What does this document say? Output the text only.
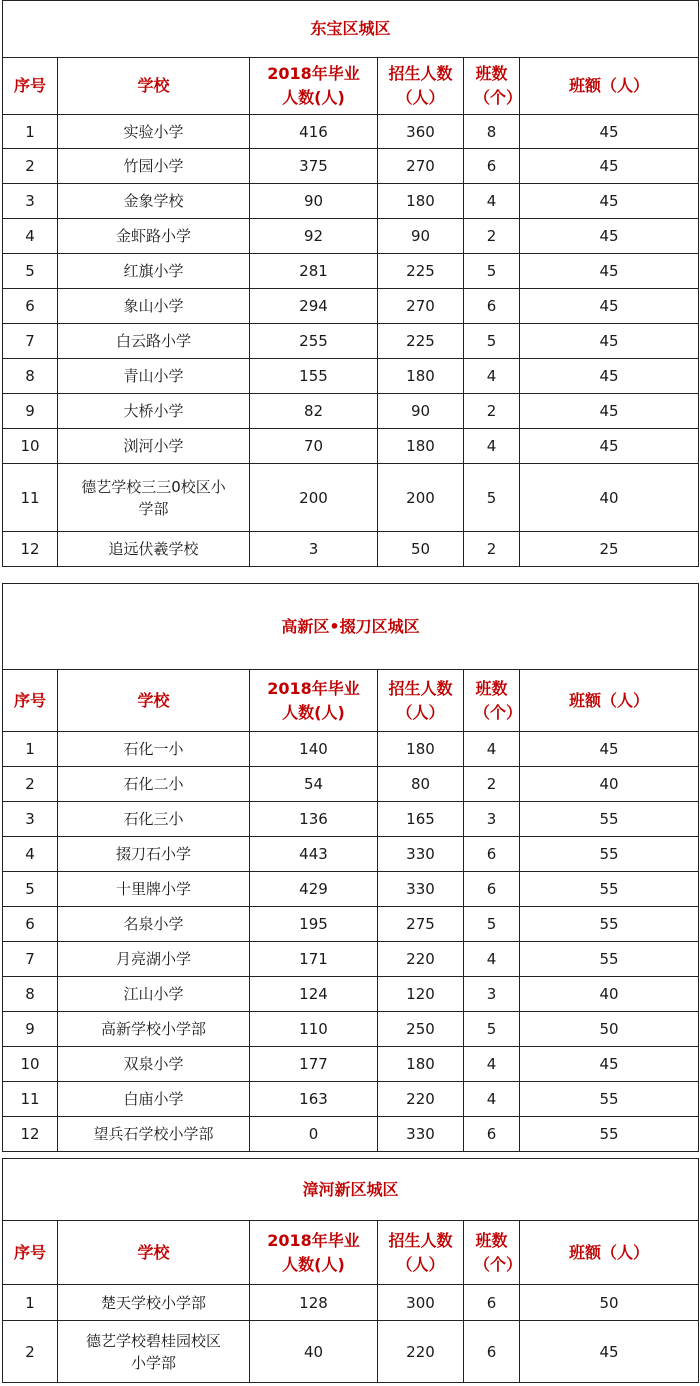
东宝区城区					
序号	学校	2018年毕业人数(人)	招生人数（人）	班数（个）	班额（人）
1	实验小学	416	360	8	45
2	竹园小学	375	270	6	45
3	金象学校	90	180	4	45
4	金虾路小学	92	90	2	45
5	红旗小学	281	225	5	45
6	象山小学	294	270	6	45
7	白云路小学	255	225	5	45
8	青山小学	155	180	4	45
9	大桥小学	82	90	2	45
10	浏河小学	70	180	4	45
11	德艺学校三三0校区小学部	200	200	5	40
12	追远伏羲学校	3	50	2	25
高新区•掇刀区城区					
序号	学校	2018年毕业人数(人)	招生人数（人）	班数（个）	班额（人）
1	石化一小	140	180	4	45
2	石化二小	54	80	2	40
3	石化三小	136	165	3	55
4	掇刀石小学	443	330	6	55
5	十里牌小学	429	330	6	55
6	名泉小学	195	275	5	55
7	月亮湖小学	171	220	4	55
8	江山小学	124	120	3	40
9	高新学校小学部	110	250	5	50
10	双泉小学	177	180	4	45
11	白庙小学	163	220	4	55
12	望兵石学校小学部	0	330	6	55
漳河新区城区					
序号	学校	2018年毕业人数(人)	招生人数（人）	班数（个）	班额（人）
1	楚天学校小学部	128	300	6	50
2	德艺学校碧桂园校区小学部	40	220	6	45
